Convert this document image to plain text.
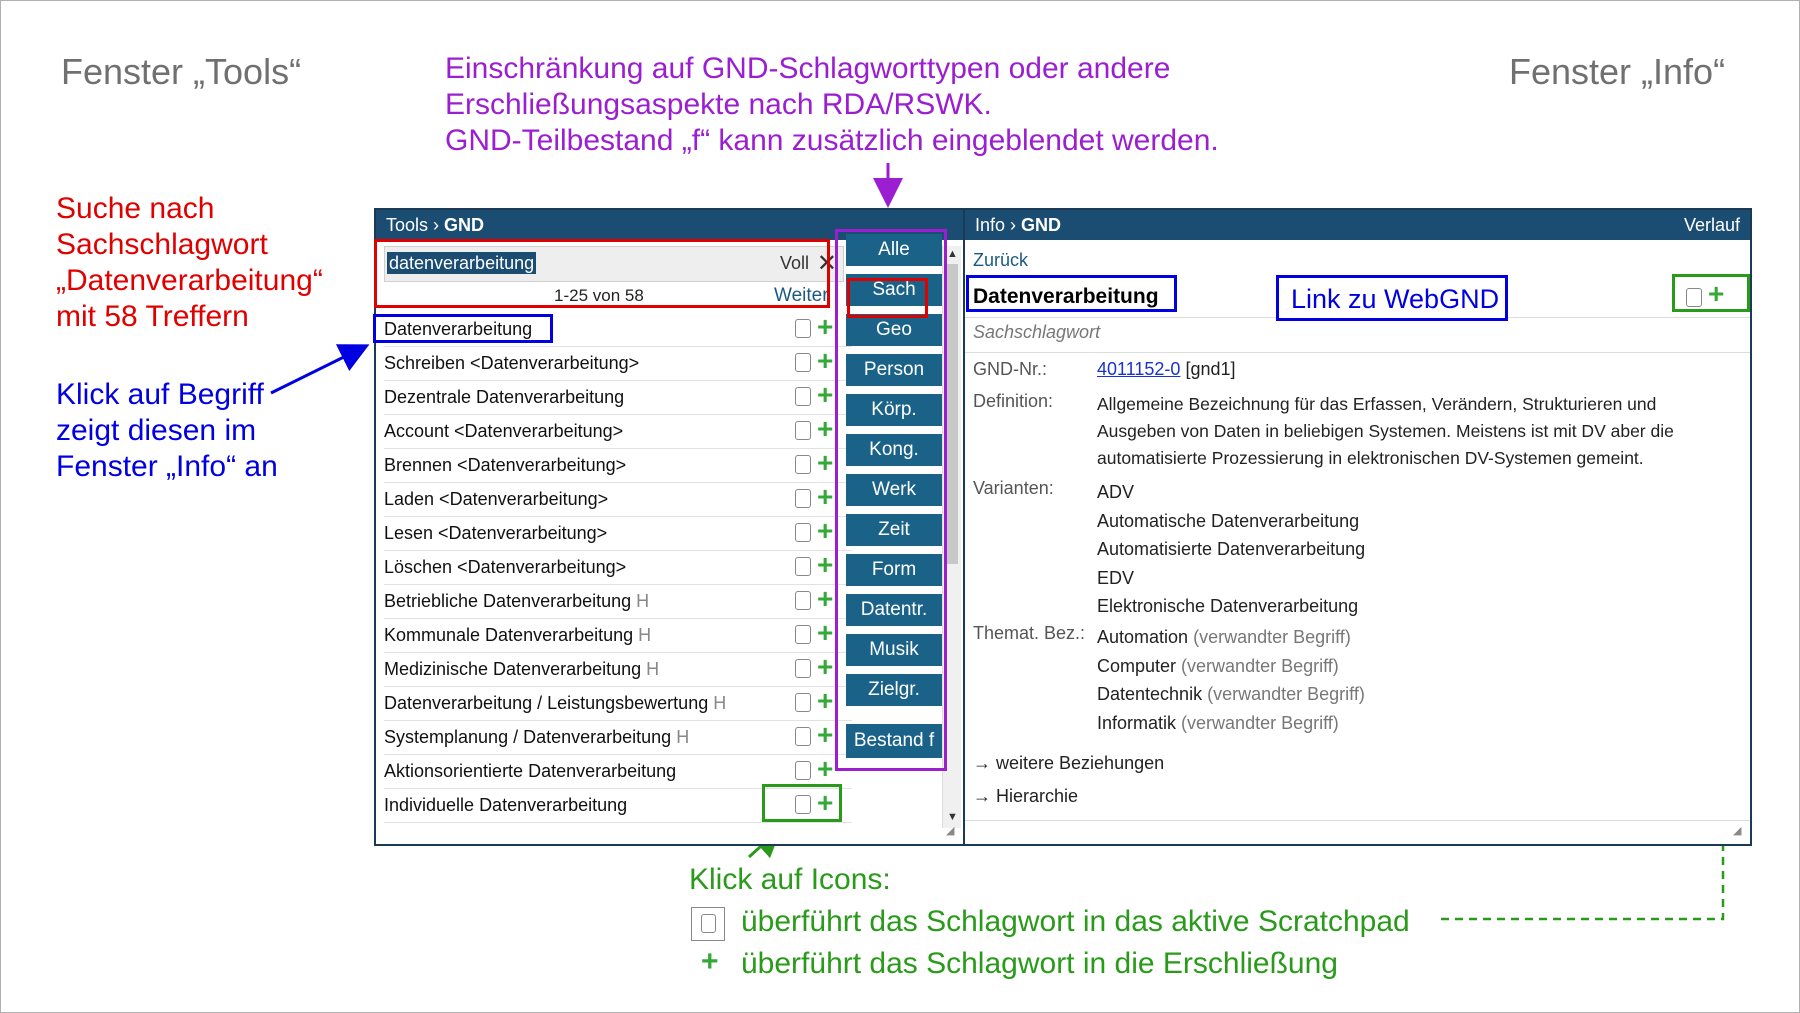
Fenster „Tools“	Fenster „Info“
Einschränkung auf GND-Schlagworttypen oder andere
Erschließungsaspekte nach RDA/RSWK.
GND-Teilbestand „f“ kann zusätzlich eingeblendet werden.
Suche nach
Sachschlagwort
„Datenverarbeitung“
mit 58 Treffern
Klick auf Begriff
zeigt diesen im
Fenster „Info“ an
Tools › GND
datenverarbeitung	Voll ✕
1-25 von 58	Weiter
Datenverarbeitung	+
Schreiben <Datenverarbeitung>	+
Dezentrale Datenverarbeitung	+
Account <Datenverarbeitung>	+
Brennen <Datenverarbeitung>	+
Laden <Datenverarbeitung>	+
Lesen <Datenverarbeitung>	+
Löschen <Datenverarbeitung>	+
Betriebliche Datenverarbeitung H	+
Kommunale Datenverarbeitung H	+
Medizinische Datenverarbeitung H	+
Datenverarbeitung / Leistungsbewertung H	+
Systemplanung / Datenverarbeitung H	+
Aktionsorientierte Datenverarbeitung	+
Individuelle Datenverarbeitung	+
Alle
Sach
Geo
Person
Körp.
Kong.
Werk
Zeit
Form
Datentr.
Musik
Zielgr.
Bestand f
▲
▼
◢
Info › GND	Verlauf
Zurück
Datenverarbeitung
Sachschlagwort
+
GND-Nr.:	4011152-0 [gnd1]
Definition:	Allgemeine Bezeichnung für das Erfassen, Verändern, Strukturieren und
Ausgeben von Daten in beliebigen Systemen. Meistens ist mit DV aber die
automatisierte Prozessierung in elektronischen DV-Systemen gemeint.
Varianten: ADV
Automatische Datenverarbeitung
Automatisierte Datenverarbeitung
EDV
Elektronische Datenverarbeitung
Themat. Bez.: Automation (verwandter Begriff)
Computer (verwandter Begriff)
Datentechnik (verwandter Begriff)
Informatik (verwandter Begriff)
→ weitere Beziehungen
→ Hierarchie
◢
Link zu WebGND
Klick auf Icons:
überführt das Schlagwort in das aktive Scratchpad
+ überführt das Schlagwort in die Erschließung
